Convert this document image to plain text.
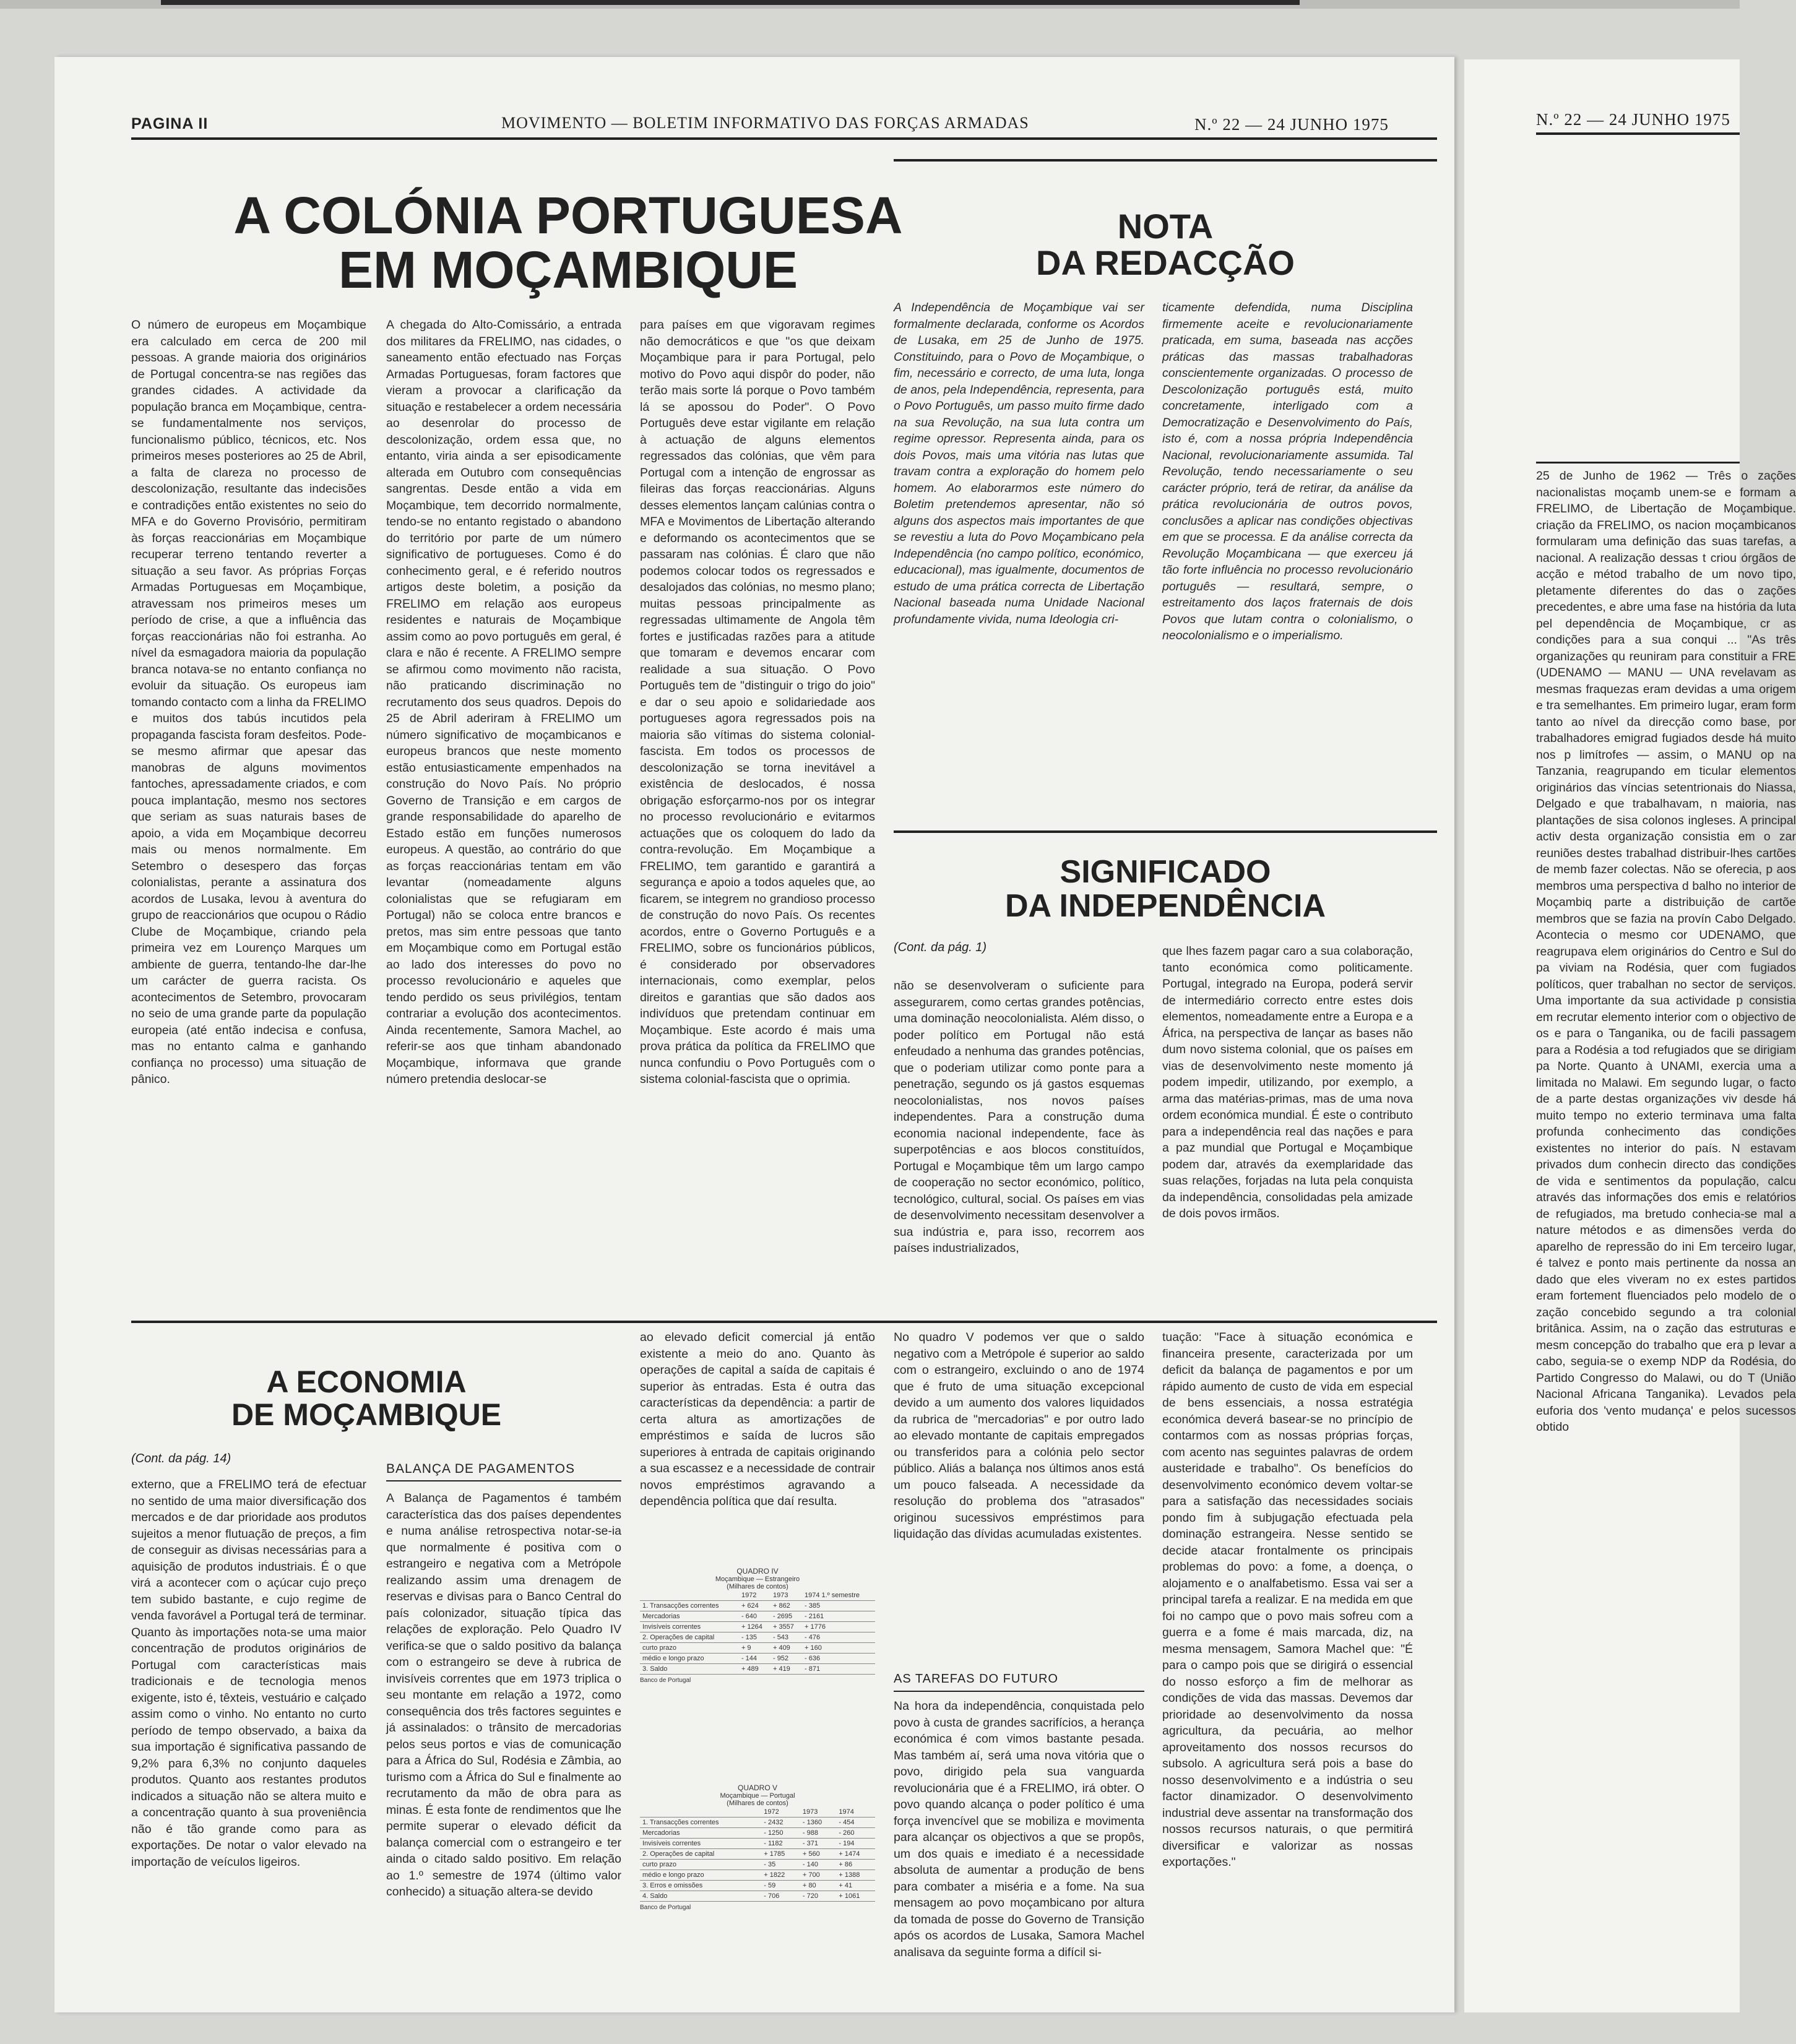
PAGINA II	MOVIMENTO — BOLETIM INFORMATIVO DAS FORÇAS ARMADAS	N.º 22 — 24 JUNHO 1975
A COLÓNIA PORTUGUESA
EM MOÇAMBIQUE
O número de europeus em Moçambique era calculado em cerca de 200 mil pessoas. A grande maioria dos originários de Portugal concentra-se nas regiões das grandes cidades. A actividade da população branca em Moçambique, centra-se fundamentalmente nos serviços, funcionalismo público, técnicos, etc. Nos primeiros meses posteriores ao 25 de Abril, a falta de clareza no processo de descolonização, resultante das indecisões e contradições então existentes no seio do MFA e do Governo Provisório, permitiram às forças reaccionárias em Moçambique recuperar terreno tentando reverter a situação a seu favor. As próprias Forças Armadas Portuguesas em Moçambique, atravessam nos primeiros meses um período de crise, a que a influência das forças reaccionárias não foi estranha. Ao nível da esmagadora maioria da população branca notava-se no entanto confiança no evoluir da situação. Os europeus iam tomando contacto com a linha da FRELIMO e muitos dos tabús incutidos pela propaganda fascista foram desfeitos. Pode-se mesmo afirmar que apesar das manobras de alguns movimentos fantoches, apressadamente criados, e com pouca implantação, mesmo nos sectores que seriam as suas naturais bases de apoio, a vida em Moçambique decorreu mais ou menos normalmente. Em Setembro o desespero das forças colonialistas, perante a assinatura dos acordos de Lusaka, levou à aventura do grupo de reaccionários que ocupou o Rádio Clube de Moçambique, criando pela primeira vez em Lourenço Marques um ambiente de guerra, tentando-lhe dar-lhe um carácter de guerra racista. Os acontecimentos de Setembro, provocaram no seio de uma grande parte da população europeia (até então indecisa e confusa, mas no entanto calma e ganhando confiança no processo) uma situação de pânico.
A chegada do Alto-Comissário, a entrada dos militares da FRELIMO, nas cidades, o saneamento então efectuado nas Forças Armadas Portuguesas, foram factores que vieram a provocar a clarificação da situação e restabelecer a ordem necessária ao desenrolar do processo de descolonização, ordem essa que, no entanto, viria ainda a ser episodicamente alterada em Outubro com consequências sangrentas. Desde então a vida em Moçambique, tem decorrido normalmente, tendo-se no entanto registado o abandono do território por parte de um número significativo de portugueses. Como é do conhecimento geral, e é referido noutros artigos deste boletim, a posição da FRELIMO em relação aos europeus residentes e naturais de Moçambique assim como ao povo português em geral, é clara e não é recente. A FRELIMO sempre se afirmou como movimento não racista, não praticando discriminação no recrutamento dos seus quadros. Depois do 25 de Abril aderiram à FRELIMO um número significativo de moçambicanos e europeus brancos que neste momento estão entusiasticamente empenhados na construção do Novo País. No próprio Governo de Transição e em cargos de grande responsabilidade do aparelho de Estado estão em funções numerosos europeus. A questão, ao contrário do que as forças reaccionárias tentam em vão levantar (nomeadamente alguns colonialistas que se refugiaram em Portugal) não se coloca entre brancos e pretos, mas sim entre pessoas que tanto em Moçambique como em Portugal estão ao lado dos interesses do povo no processo revolucionário e aqueles que tendo perdido os seus privilégios, tentam contrariar a evolução dos acontecimentos. Ainda recentemente, Samora Machel, ao referir-se aos que tinham abandonado Moçambique, informava que grande número pretendia deslocar-se
para países em que vigoravam regimes não democráticos e que "os que deixam Moçambique para ir para Portugal, pelo motivo do Povo aqui dispôr do poder, não terão mais sorte lá porque o Povo também lá se apossou do Poder". O Povo Português deve estar vigilante em relação à actuação de alguns elementos regressados das colónias, que vêm para Portugal com a intenção de engrossar as fileiras das forças reaccionárias. Alguns desses elementos lançam calúnias contra o MFA e Movimentos de Libertação alterando e deformando os acontecimentos que se passaram nas colónias. É claro que não podemos colocar todos os regressados e desalojados das colónias, no mesmo plano; muitas pessoas principalmente as regressadas ultimamente de Angola têm fortes e justificadas razões para a atitude que tomaram e devemos encarar com realidade a sua situação. O Povo Português tem de "distinguir o trigo do joio" e dar o seu apoio e solidariedade aos portugueses agora regressados pois na maioria são vítimas do sistema colonial-fascista. Em todos os processos de descolonização se torna inevitável a existência de deslocados, é nossa obrigação esforçarmo-nos por os integrar no processo revolucionário e evitarmos actuações que os coloquem do lado da contra-revolução. Em Moçambique a FRELIMO, tem garantido e garantirá a segurança e apoio a todos aqueles que, ao ficarem, se integrem no grandioso processo de construção do novo País. Os recentes acordos, entre o Governo Português e a FRELIMO, sobre os funcionários públicos, é considerado por observadores internacionais, como exemplar, pelos direitos e garantias que são dados aos indivíduos que pretendam continuar em Moçambique. Este acordo é mais uma prova prática da política da FRELIMO que nunca confundiu o Povo Português com o sistema colonial-fascista que o oprimia.
NOTA
DA REDACÇÃO
A Independência de Moçambique vai ser formalmente declarada, conforme os Acordos de Lusaka, em 25 de Junho de 1975. Constituindo, para o Povo de Moçambique, o fim, necessário e correcto, de uma luta, longa de anos, pela Independência, representa, para o Povo Português, um passo muito firme dado na sua Revolução, na sua luta contra um regime opressor. Representa ainda, para os dois Povos, mais uma vitória nas lutas que travam contra a exploração do homem pelo homem. Ao elaborarmos este número do Boletim pretendemos apresentar, não só alguns dos aspectos mais importantes de que se revestiu a luta do Povo Moçambicano pela Independência (no campo político, económico, educacional), mas igualmente, documentos de estudo de uma prática correcta de Libertação Nacional baseada numa Unidade Nacional profundamente vivida, numa Ideologia cri-
ticamente defendida, numa Disciplina firmemente aceite e revolucionariamente praticada, em suma, baseada nas acções práticas das massas trabalhadoras conscientemente organizadas. O processo de Descolonização português está, muito concretamente, interligado com a Democratização e Desenvolvimento do País, isto é, com a nossa própria Independência Nacional, revolucionariamente assumida. Tal Revolução, tendo necessariamente o seu carácter próprio, terá de retirar, da análise da prática revolucionária de outros povos, conclusões a aplicar nas condições objectivas em que se processa. E da análise correcta da Revolução Moçambicana — que exerceu já tão forte influência no processo revolucionário português — resultará, sempre, o estreitamento dos laços fraternais de dois Povos que lutam contra o colonialismo, o neocolonialismo e o imperialismo.
SIGNIFICADO
DA INDEPENDÊNCIA
(Cont. da pág. 1)
não se desenvolveram o suficiente para assegurarem, como certas grandes potências, uma dominação neocolonialista. Além disso, o poder político em Portugal não está enfeudado a nenhuma das grandes potências, que o poderiam utilizar como ponte para a penetração, segundo os já gastos esquemas neocolonialistas, nos novos países independentes. Para a construção duma economia nacional independente, face às superpotências e aos blocos constituídos, Portugal e Moçambique têm um largo campo de cooperação no sector económico, político, tecnológico, cultural, social. Os países em vias de desenvolvimento necessitam desenvolver a sua indústria e, para isso, recorrem aos países industrializados,
que lhes fazem pagar caro a sua colaboração, tanto económica como politicamente. Portugal, integrado na Europa, poderá servir de intermediário correcto entre estes dois elementos, nomeadamente entre a Europa e a África, na perspectiva de lançar as bases não dum novo sistema colonial, que os países em vias de desenvolvimento neste momento já podem impedir, utilizando, por exemplo, a arma das matérias-primas, mas de uma nova ordem económica mundial. É este o contributo para a independência real das nações e para a paz mundial que Portugal e Moçambique podem dar, através da exemplaridade das suas relações, forjadas na luta pela conquista da independência, consolidadas pela amizade de dois povos irmãos.
A ECONOMIA
DE MOÇAMBIQUE
(Cont. da pág. 14)
externo, que a FRELIMO terá de efectuar no sentido de uma maior diversificação dos mercados e de dar prioridade aos produtos sujeitos a menor flutuação de preços, a fim de conseguir as divisas necessárias para a aquisição de produtos industriais. É o que virá a acontecer com o açúcar cujo preço tem subido bastante, e cujo regime de venda favorável a Portugal terá de terminar. Quanto às importações nota-se uma maior concentração de produtos originários de Portugal com características mais tradicionais e de tecnologia menos exigente, isto é, têxteis, vestuário e calçado assim como o vinho. No entanto no curto período de tempo observado, a baixa da sua importação é significativa passando de 9,2% para 6,3% no conjunto daqueles produtos. Quanto aos restantes produtos indicados a situação não se altera muito e a concentração quanto à sua proveniência não é tão grande como para as exportações. De notar o valor elevado na importação de veículos ligeiros.
BALANÇA DE PAGAMENTOS
A Balança de Pagamentos é também característica das dos países dependentes e numa análise retrospectiva notar-se-ia que normalmente é positiva com o estrangeiro e negativa com a Metrópole realizando assim uma drenagem de reservas e divisas para o Banco Central do país colonizador, situação típica das relações de exploração. Pelo Quadro IV verifica-se que o saldo positivo da balança com o estrangeiro se deve à rubrica de invisíveis correntes que em 1973 triplica o seu montante em relação a 1972, como consequência dos três factores seguintes e já assinalados: o trânsito de mercadorias pelos seus portos e vias de comunicação para a África do Sul, Rodésia e Zâmbia, ao turismo com a África do Sul e finalmente ao recrutamento da mão de obra para as minas. É esta fonte de rendimentos que lhe permite superar o elevado déficit da balança comercial com o estrangeiro e ter ainda o citado saldo positivo. Em relação ao 1.º semestre de 1974 (último valor conhecido) a situação altera-se devido
ao elevado deficit comercial já então existente a meio do ano. Quanto às operações de capital a saída de capitais é superior às entradas. Esta é outra das características da dependência: a partir de certa altura as amortizações de empréstimos e saída de lucros são superiores à entrada de capitais originando a sua escassez e a necessidade de contrair novos empréstimos agravando a dependência política que daí resulta.
QUADRO IV
Moçambique — Estrangeiro
(Milhares de contos)
	1972	1973	1974 1.º semestre
1. Transacções correntes	+ 624	+ 862	- 385
Mercadorias	- 640	- 2695	- 2161
Invisíveis correntes	+ 1264	+ 3557	+ 1776
2. Operações de capital	- 135	- 543	- 476
curto prazo	+ 9	+ 409	+ 160
médio e longo prazo	- 144	- 952	- 636
3. Saldo	+ 489	+ 419	- 871
Banco de Portugal
QUADRO V
Moçambique — Portugal
(Milhares de contos)
	1972	1973	1974
1. Transacções correntes	- 2432	- 1360	- 454
Mercadorias	- 1250	- 988	- 260
Invisíveis correntes	- 1182	- 371	- 194
2. Operações de capital	+ 1785	+ 560	+ 1474
curto prazo	- 35	- 140	+ 86
médio e longo prazo	+ 1822	+ 700	+ 1388
3. Erros e omissões	- 59	+ 80	+ 41
4. Saldo	- 706	- 720	+ 1061
Banco de Portugal
No quadro V podemos ver que o saldo negativo com a Metrópole é superior ao saldo com o estrangeiro, excluindo o ano de 1974 que é fruto de uma situação excepcional devido a um aumento dos valores liquidados da rubrica de "mercadorias" e por outro lado ao elevado montante de capitais empregados ou transferidos para a colónia pelo sector público. Aliás a balança nos últimos anos está um pouco falseada. A necessidade da resolução do problema dos "atrasados" originou sucessivos empréstimos para liquidação das dívidas acumuladas existentes.
AS TAREFAS DO FUTURO
Na hora da independência, conquistada pelo povo à custa de grandes sacrifícios, a herança económica é com vimos bastante pesada. Mas também aí, será uma nova vitória que o povo, dirigido pela sua vanguarda revolucionária que é a FRELIMO, irá obter. O povo quando alcança o poder político é uma força invencível que se mobiliza e movimenta para alcançar os objectivos a que se propôs, um dos quais e imediato é a necessidade absoluta de aumentar a produção de bens para combater a miséria e a fome. Na sua mensagem ao povo moçambicano por altura da tomada de posse do Governo de Transição após os acordos de Lusaka, Samora Machel analisava da seguinte forma a difícil si-
tuação: "Face à situação económica e financeira presente, caracterizada por um deficit da balança de pagamentos e por um rápido aumento de custo de vida em especial de bens essenciais, a nossa estratégia económica deverá basear-se no princípio de contarmos com as nossas próprias forças, com acento nas seguintes palavras de ordem austeridade e trabalho". Os benefícios do desenvolvimento económico devem voltar-se para a satisfação das necessidades sociais pondo fim à subjugação efectuada pela dominação estrangeira. Nesse sentido se decide atacar frontalmente os principais problemas do povo: a fome, a doença, o alojamento e o analfabetismo. Essa vai ser a principal tarefa a realizar. E na medida em que foi no campo que o povo mais sofreu com a guerra e a fome é mais marcada, diz, na mesma mensagem, Samora Machel que: "É para o campo pois que se dirigirá o essencial do nosso esforço a fim de melhorar as condições de vida das massas. Devemos dar prioridade ao desenvolvimento da nossa agricultura, da pecuária, ao melhor aproveitamento dos nossos recursos do subsolo. A agricultura será pois a base do nosso desenvolvimento e a indústria o seu factor dinamizador. O desenvolvimento industrial deve assentar na transformação dos nossos recursos naturais, o que permitirá diversificar e valorizar as nossas exportações."
N.º 22 — 24 JUNHO 1975
25 de Junho de 1962 — Três o zações nacionalistas moçamb unem-se e formam a FRELIMO, de Libertação de Moçambique. criação da FRELIMO, os nacion moçambicanos formularam uma definição das suas tarefas, a nacional. A realização dessas t criou órgãos de acção e métod trabalho de um novo tipo, pletamente diferentes do das o zações precedentes, e abre uma fase na história da luta pel dependência de Moçambique, cr as condições para a sua conqui ... "As três organizações qu reuniram para constituir a FRE (UDENAMO — MANU — UNA revelavam as mesmas fraquezas eram devidas a uma origem e tra semelhantes. Em primeiro lugar, eram form tanto ao nível da direcção como base, por trabalhadores emigrad fugiados desde há muito nos p limítrofes — assim, o MANU op na Tanzania, reagrupando em ticular elementos originários das víncias setentrionais do Niassa, Delgado e que trabalhavam, n maioria, nas plantações de sisa colonos ingleses. A principal activ desta organização consistia em o zar reuniões destes trabalhad distribuir-lhes cartões de memb fazer colectas. Não se oferecia, p aos membros uma perspectiva d balho no interior de Moçambiq parte a distribuição de cartõe membros que se fazia na provín Cabo Delgado. Acontecia o mesmo cor UDENAMO, que reagrupava elem originários do Centro e Sul do pa viviam na Rodésia, quer com fugiados políticos, quer trabalhan no sector de serviços. Uma importante da sua actividade p consistia em recrutar elemento interior com o objectivo de os e para o Tanganika, ou de facili passagem para a Rodésia a tod refugiados que se dirigiam pa Norte. Quanto à UNAMI, exercia uma a limitada no Malawi. Em segundo lugar, o facto de a parte destas organizações viv desde há muito tempo no exterio terminava uma falta profunda conhecimento das condições existentes no interior do país. N estavam privados dum conhecin directo das condições de vida e sentimentos da população, calcu através das informações dos emis e relatórios de refugiados, ma bretudo conhecia-se mal a nature métodos e as dimensões verda do aparelho de repressão do ini Em terceiro lugar, é talvez e ponto mais pertinente da nossa an dado que eles viveram no ex estes partidos eram fortement fluenciados pelo modelo de o zação concebido segundo a tra colonial britânica. Assim, na o zação das estruturas e mesm concepção do trabalho que era p levar a cabo, seguia-se o exemp NDP da Rodésia, do Partido Congresso do Malawi, ou do T (União Nacional Africana Tanganika). Levados pela euforia dos 'vento mudança' e pelos sucessos obtido
